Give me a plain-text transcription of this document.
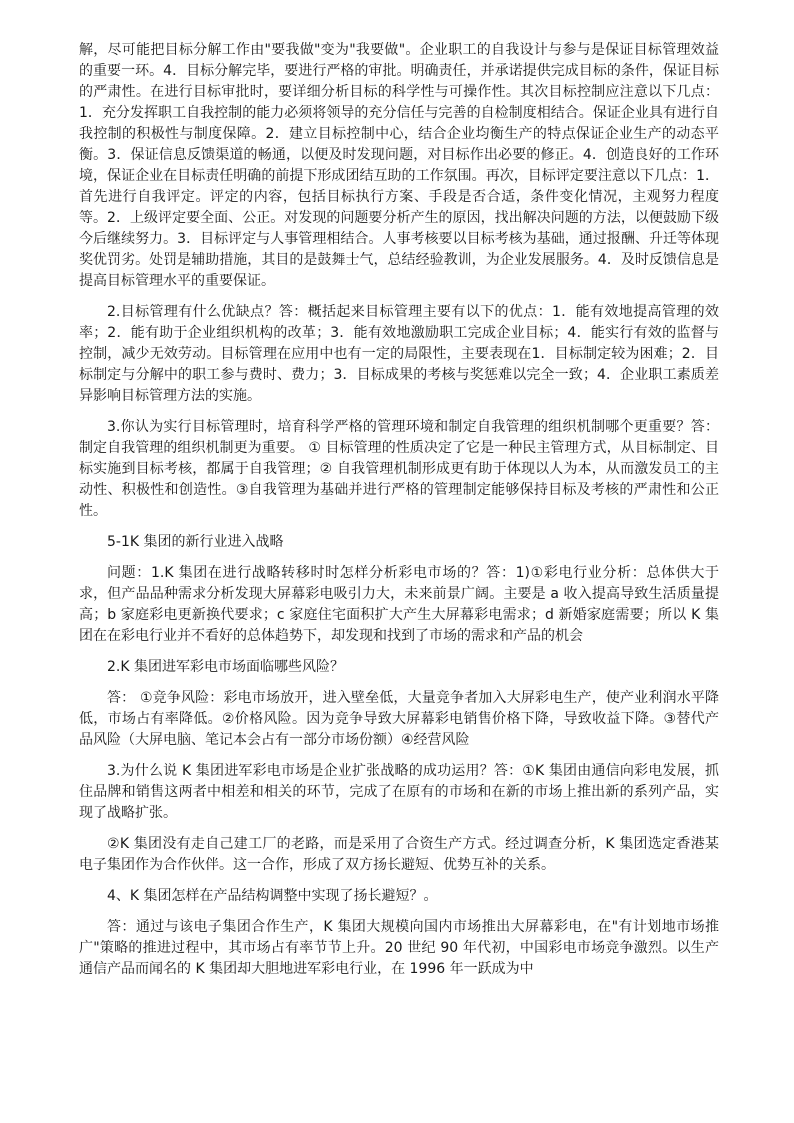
解，尽可能把目标分解工作由"要我做"变为"我要做"。企业职工的自我设计与参与是保证目标管理效益的重要一环。4．目标分解完毕，要进行严格的审批。明确责任，并承诺提供完成目标的条件，保证目标的严肃性。在进行目标审批时，要详细分析目标的科学性与可操作性。其次目标控制应注意以下几点：1．充分发挥职工自我控制的能力必须将领导的充分信任与完善的自检制度相结合。保证企业具有进行自我控制的积极性与制度保障。2．建立目标控制中心，结合企业均衡生产的特点保证企业生产的动态平衡。3．保证信息反馈渠道的畅通，以便及时发现问题，对目标作出必要的修正。4．创造良好的工作环境，保证企业在目标责任明确的前提下形成团结互助的工作氛围。再次，目标评定要注意以下几点：1．首先进行自我评定。评定的内容，包括目标执行方案、手段是否合适，条件变化情况，主观努力程度等。2．上级评定要全面、公正。对发现的问题要分析产生的原因，找出解决问题的方法，以便鼓励下级今后继续努力。3．目标评定与人事管理相结合。人事考核要以目标考核为基础，通过报酬、升迁等体现奖优罚劣。处罚是辅助措施，其目的是鼓舞士气，总结经验教训，为企业发展服务。4．及时反馈信息是提高目标管理水平的重要保证。

2.目标管理有什么优缺点？答：概括起来目标管理主要有以下的优点：1．能有效地提高管理的效率；2．能有助于企业组织机构的改革；3．能有效地激励职工完成企业目标；4．能实行有效的监督与控制，减少无效劳动。目标管理在应用中也有一定的局限性，主要表现在1．目标制定较为困难；2．目标制定与分解中的职工参与费时、费力；3．目标成果的考核与奖惩难以完全一致；4．企业职工素质差异影响目标管理方法的实施。

3.你认为实行目标管理时，培育科学严格的管理环境和制定自我管理的组织机制哪个更重要？答：制定自我管理的组织机制更为重要。 ① 目标管理的性质决定了它是一种民主管理方式，从目标制定、目标实施到目标考核，都属于自我管理；② 自我管理机制形成更有助于体现以人为本，从而激发员工的主动性、积极性和创造性。③自我管理为基础并进行严格的管理制定能够保持目标及考核的严肃性和公正性。

5-1K 集团的新行业进入战略

问题：1.K 集团在进行战略转移时时怎样分析彩电市场的？答：1)①彩电行业分析：总体供大于求，但产品品种需求分析发现大屏幕彩电吸引力大，未来前景广阔。主要是 a 收入提高导致生活质量提高；b 家庭彩电更新换代要求；c 家庭住宅面积扩大产生大屏幕彩电需求；d 新婚家庭需要；所以 K 集团在在彩电行业并不看好的总体趋势下，却发现和找到了市场的需求和产品的机会

2.K 集团进军彩电市场面临哪些风险？

答： ①竞争风险：彩电市场放开，进入壁垒低，大量竞争者加入大屏彩电生产，使产业利润水平降低，市场占有率降低。②价格风险。因为竞争导致大屏幕彩电销售价格下降，导致收益下降。③替代产品风险（大屏电脑、笔记本会占有一部分市场份额）④经营风险

3.为什么说 K 集团进军彩电市场是企业扩张战略的成功运用？答：①K 集团由通信向彩电发展，抓住品牌和销售这两者中相差和相关的环节，完成了在原有的市场和在新的市场上推出新的系列产品，实现了战略扩张。

②K 集团没有走自己建工厂的老路，而是采用了合资生产方式。经过调查分析，K 集团选定香港某电子集团作为合作伙伴。这一合作，形成了双方扬长避短、优势互补的关系。

4、K 集团怎样在产品结构调整中实现了扬长避短？。

答：通过与该电子集团合作生产，K 集团大规模向国内市场推出大屏幕彩电，在"有计划地市场推广"策略的推进过程中，其市场占有率节节上升。20 世纪 90 年代初，中国彩电市场竞争激烈。以生产通信产品而闻名的 K 集团却大胆地进军彩电行业，在 1996 年一跃成为中
